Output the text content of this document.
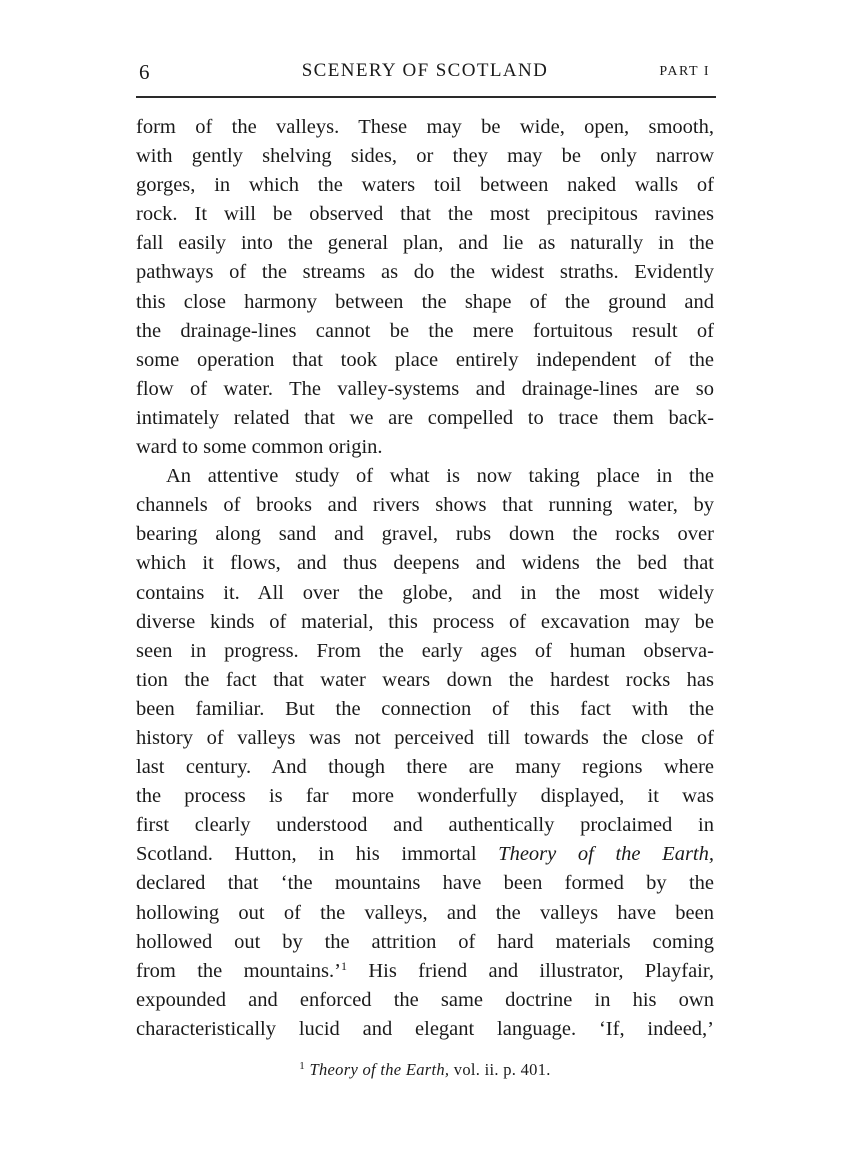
6	SCENERY OF SCOTLAND	PART I
form of the valleys. These may be wide, open, smooth,
with gently shelving sides, or they may be only narrow
gorges, in which the waters toil between naked walls of
rock. It will be observed that the most precipitous ravines
fall easily into the general plan, and lie as naturally in the
pathways of the streams as do the widest straths. Evidently
this close harmony between the shape of the ground and
the drainage-lines cannot be the mere fortuitous result of
some operation that took place entirely independent of the
flow of water. The valley-systems and drainage-lines are so
intimately related that we are compelled to trace them back-
ward to some common origin.
An attentive study of what is now taking place in the
channels of brooks and rivers shows that running water, by
bearing along sand and gravel, rubs down the rocks over
which it flows, and thus deepens and widens the bed that
contains it. All over the globe, and in the most widely
diverse kinds of material, this process of excavation may be
seen in progress. From the early ages of human observa-
tion the fact that water wears down the hardest rocks has
been familiar. But the connection of this fact with the
history of valleys was not perceived till towards the close of
last century. And though there are many regions where
the process is far more wonderfully displayed, it was
first clearly understood and authentically proclaimed in
Scotland. Hutton, in his immortal Theory of the Earth,
declared that ‘the mountains have been formed by the
hollowing out of the valleys, and the valleys have been
hollowed out by the attrition of hard materials coming
from the mountains.’$^1$ His friend and illustrator, Playfair,
expounded and enforced the same doctrine in his own
characteristically lucid and elegant language. ‘If, indeed,’
$^1$ Theory of the Earth, vol. ii. p. 401.
